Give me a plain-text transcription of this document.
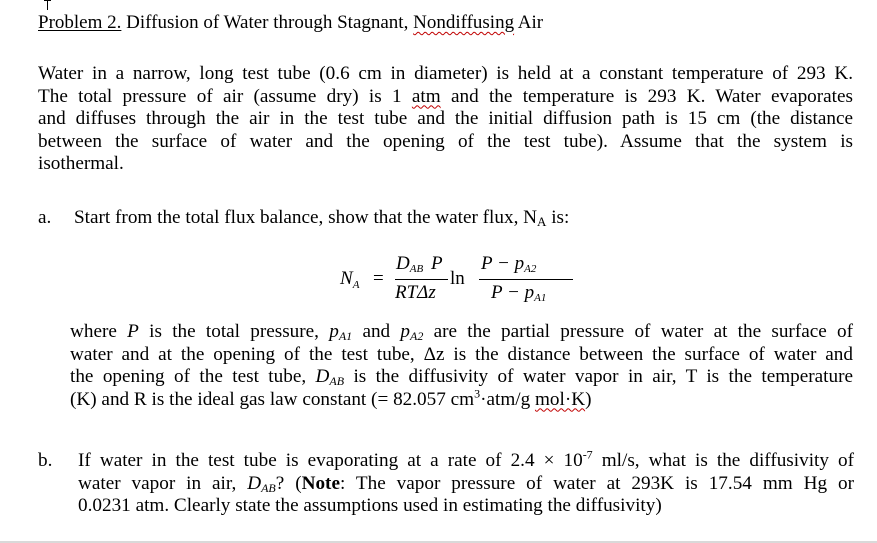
Problem 2. Diffusion of Water through Stagnant, Nondiffusing Air
Water in a narrow, long test tube (0.6 cm in diameter) is held at a constant temperature of 293 K.
The total pressure of air (assume dry) is 1 atm and the temperature is 293 K. Water evaporates
and diffuses through the air in the test tube and the initial diffusion path is 15 cm (the distance
between the surface of water and the opening of the test tube). Assume that the system is
isothermal.
a. Start from the total flux balance, show that the water flux, NA is:
$N_A$ =
$D_{AB}$ P
RTΔz
ln
$P - p_{A2}$
$P - p_{A1}$
where P is the total pressure, pA1 and pA2 are the partial pressure of water at the surface of
water and at the opening of the test tube, Δz is the distance between the surface of water and
the opening of the test tube, DAB is the diffusivity of water vapor in air, T is the temperature
(K) and R is the ideal gas law constant (= 82.057 $cm^3\cdot atm/g$ mol·K)
b. If water in the test tube is evaporating at a rate of $2.4 \times 10^{-7}$ ml/s, what is the diffusivity of
water vapor in air, DAB? (Note: The vapor pressure of water at 293K is 17.54 mm Hg or
0.0231 atm. Clearly state the assumptions used in estimating the diffusivity)
